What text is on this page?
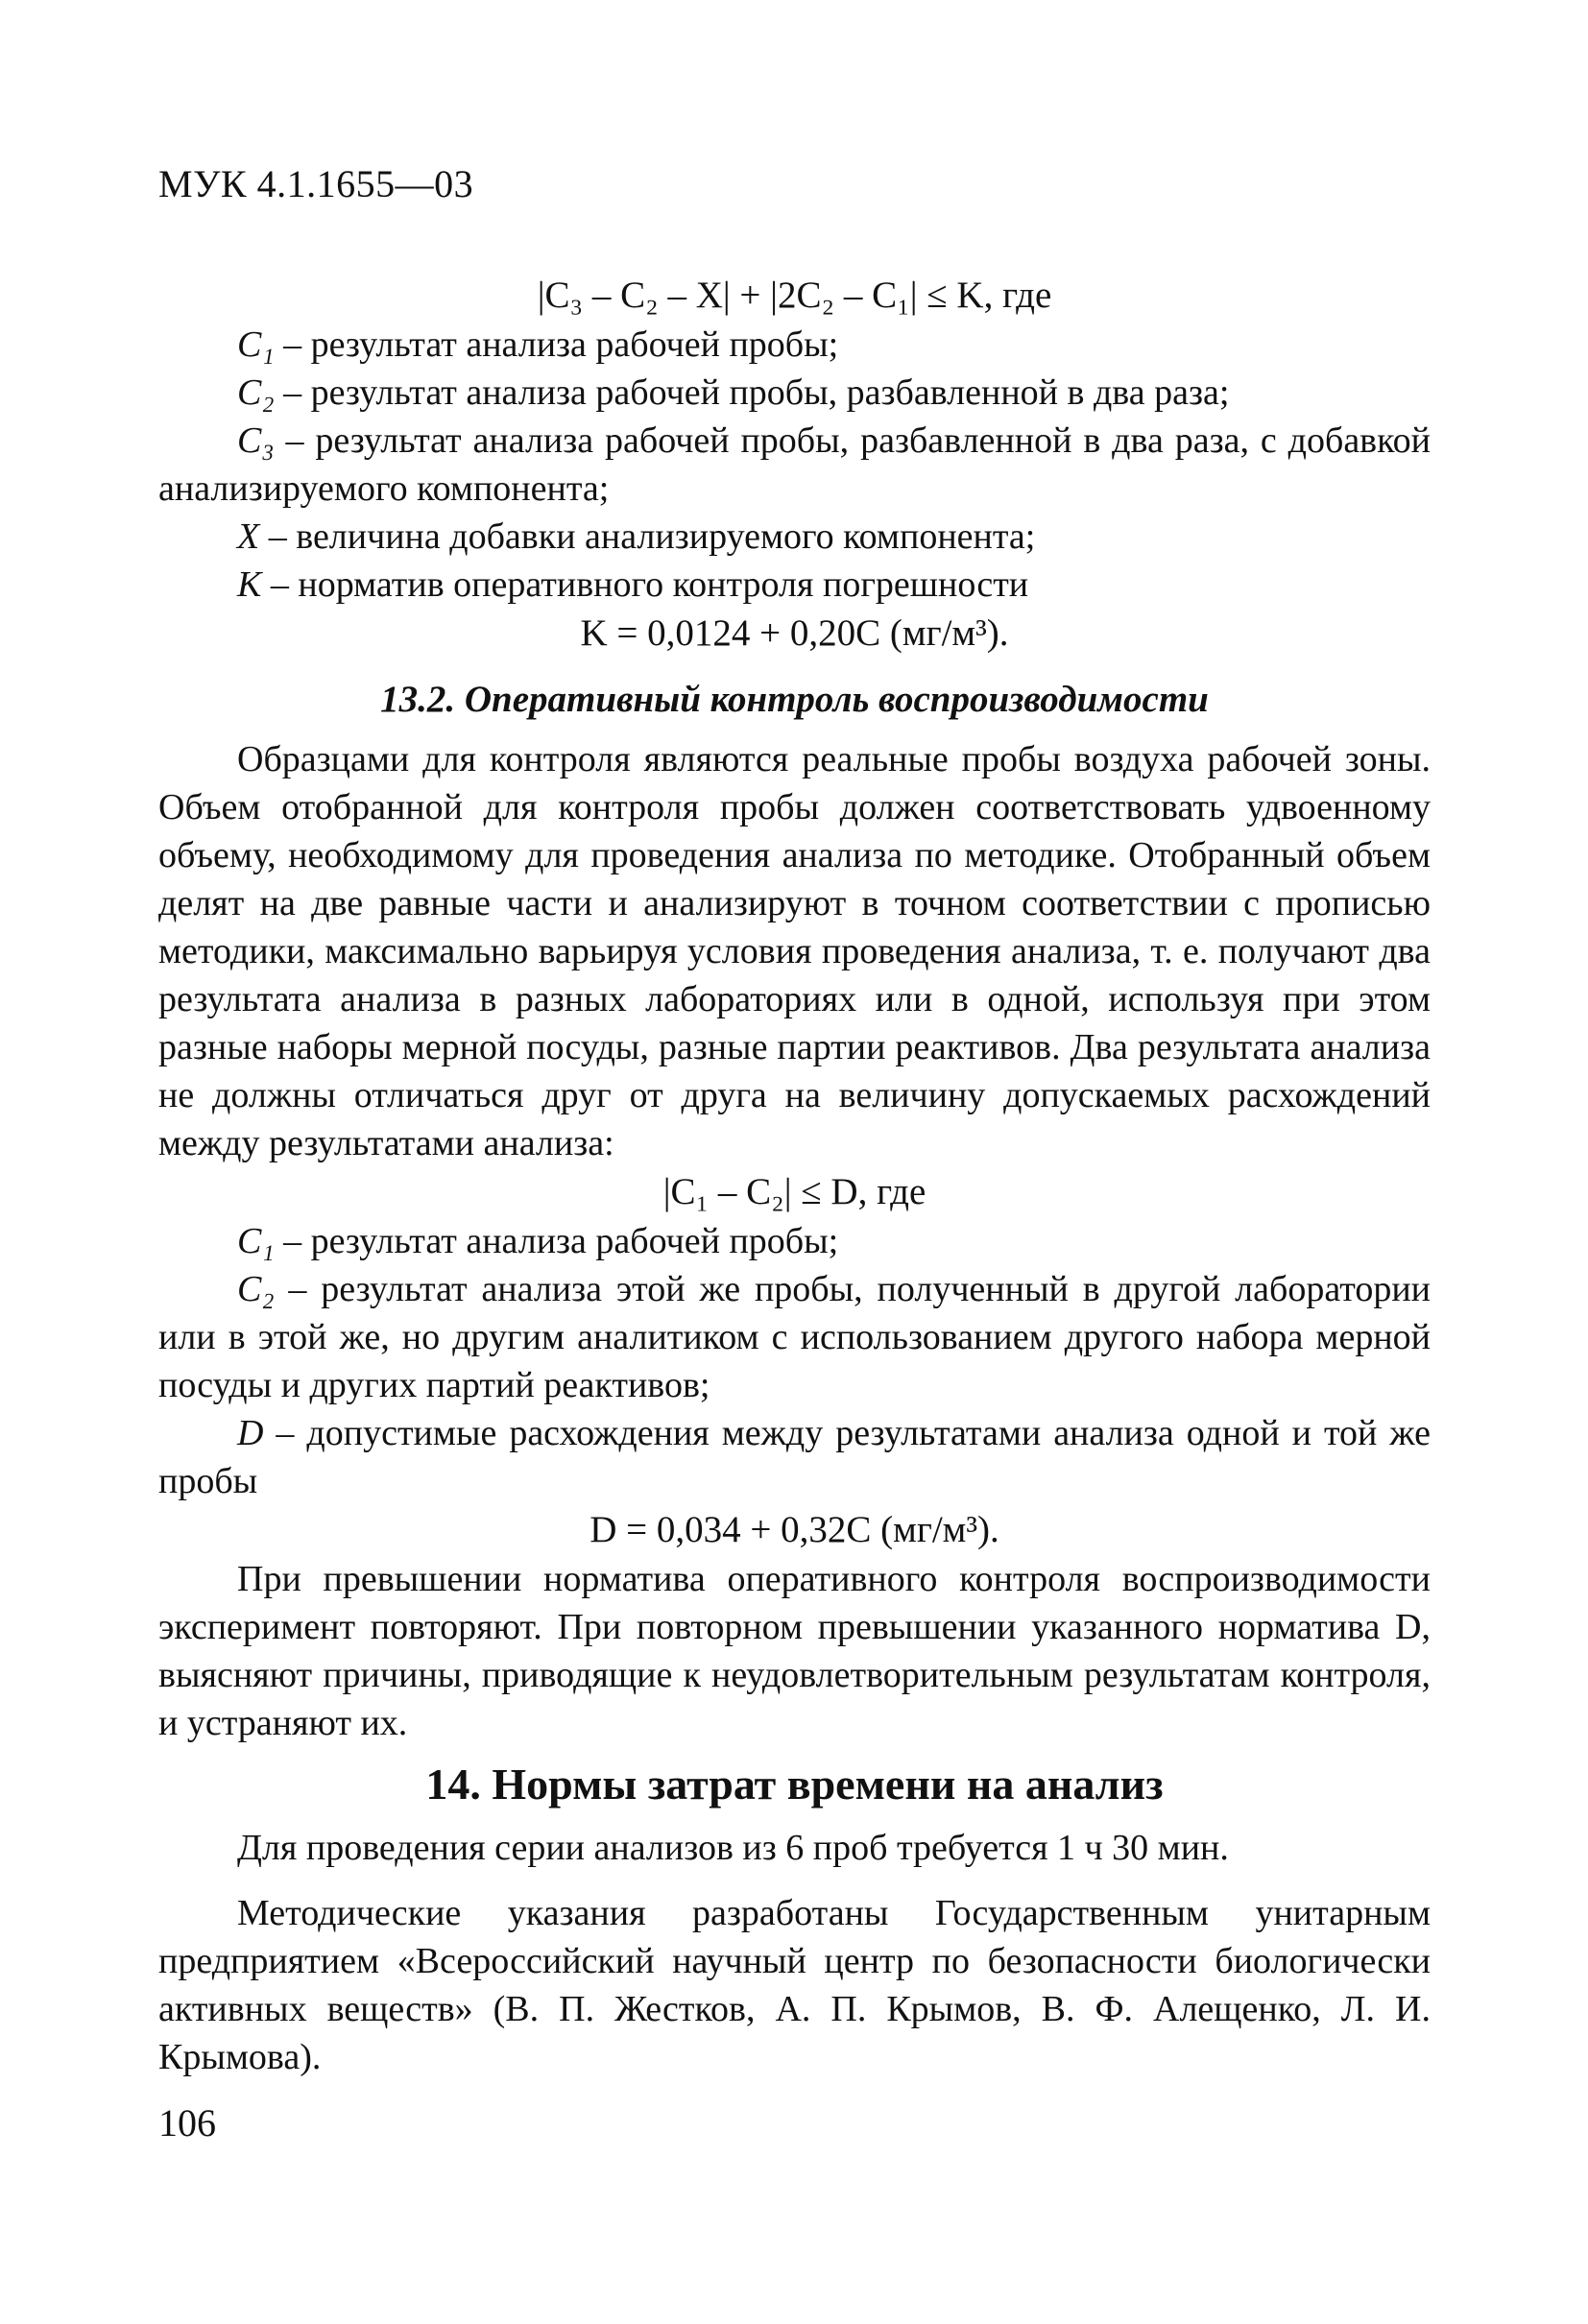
МУК 4.1.1655—03
|C₃ – C₂ – X| + |2C₂ – C₁| ≤ K, где
C₁ – результат анализа рабочей пробы;
C₂ – результат анализа рабочей пробы, разбавленной в два раза;
C₃ – результат анализа рабочей пробы, разбавленной в два раза, с добавкой анализируемого компонента;
X – величина добавки анализируемого компонента;
K – норматив оперативного контроля погрешности
K = 0,0124 + 0,20C (мг/м³).
13.2. Оперативный контроль воспроизводимости
Образцами для контроля являются реальные пробы воздуха рабочей зоны. Объем отобранной для контроля пробы должен соответствовать удвоенному объему, необходимому для проведения анализа по методике. Отобранный объем делят на две равные части и анализируют в точном соответствии с прописью методики, максимально варьируя условия проведения анализа, т. е. получают два результата анализа в разных лабораториях или в одной, используя при этом разные наборы мерной посуды, разные партии реактивов. Два результата анализа не должны отличаться друг от друга на величину допускаемых расхождений между результатами анализа:
|C₁ – C₂| ≤ D, где
C₁ – результат анализа рабочей пробы;
C₂ – результат анализа этой же пробы, полученный в другой лаборатории или в этой же, но другим аналитиком с использованием другого набора мерной посуды и других партий реактивов;
D – допустимые расхождения между результатами анализа одной и той же пробы
D = 0,034 + 0,32C (мг/м³).
При превышении норматива оперативного контроля воспроизводимости эксперимент повторяют. При повторном превышении указанного норматива D, выясняют причины, приводящие к неудовлетворительным результатам контроля, и устраняют их.
14. Нормы затрат времени на анализ
Для проведения серии анализов из 6 проб требуется 1 ч 30 мин.
Методические указания разработаны Государственным унитарным предприятием «Всероссийский научный центр по безопасности биологически активных веществ» (В. П. Жестков, А. П. Крымов, В. Ф. Алещенко, Л. И. Крымова).
106
